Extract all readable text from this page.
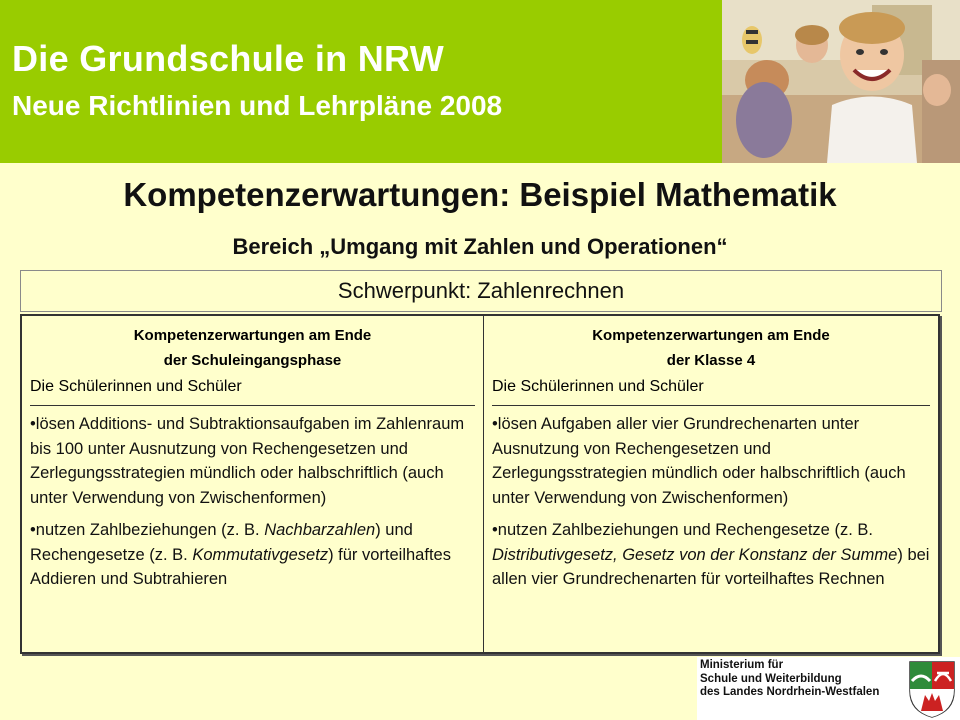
Die Grundschule in NRW
Neue Richtlinien und Lehrpläne 2008
Kompetenzerwartungen: Beispiel Mathematik
Bereich „Umgang mit Zahlen und Operationen“
Schwerpunkt: Zahlenrechnen
Kompetenzerwartungen am Ende
der Schuleingangsphase
Die Schülerinnen und Schüler

•lösen Additions- und Subtraktionsaufgaben im Zahlenraum bis 100 unter Ausnutzung von Rechengesetzen und Zerlegungsstrategien mündlich oder halbschriftlich (auch unter Verwendung von Zwischenformen)

•nutzen Zahlbeziehungen (z. B. Nachbarzahlen) und Rechengesetze (z. B. Kommutativgesetz) für vorteilhaftes Addieren und Subtrahieren

Kompetenzerwartungen am Ende
der Klasse 4
Die Schülerinnen und Schüler

•lösen Aufgaben aller vier Grundrechenarten unter Ausnutzung von Rechengesetzen und Zerlegungsstrategien mündlich oder halbschriftlich (auch unter Verwendung von Zwischenformen)

•nutzen Zahlbeziehungen und Rechengesetze (z. B. Distributivgesetz, Gesetz von der Konstanz der Summe) bei allen vier Grundrechenarten für vorteilhaftes Rechnen

Ministerium für
Schule und Weiterbildung
des Landes Nordrhein-Westfalen
